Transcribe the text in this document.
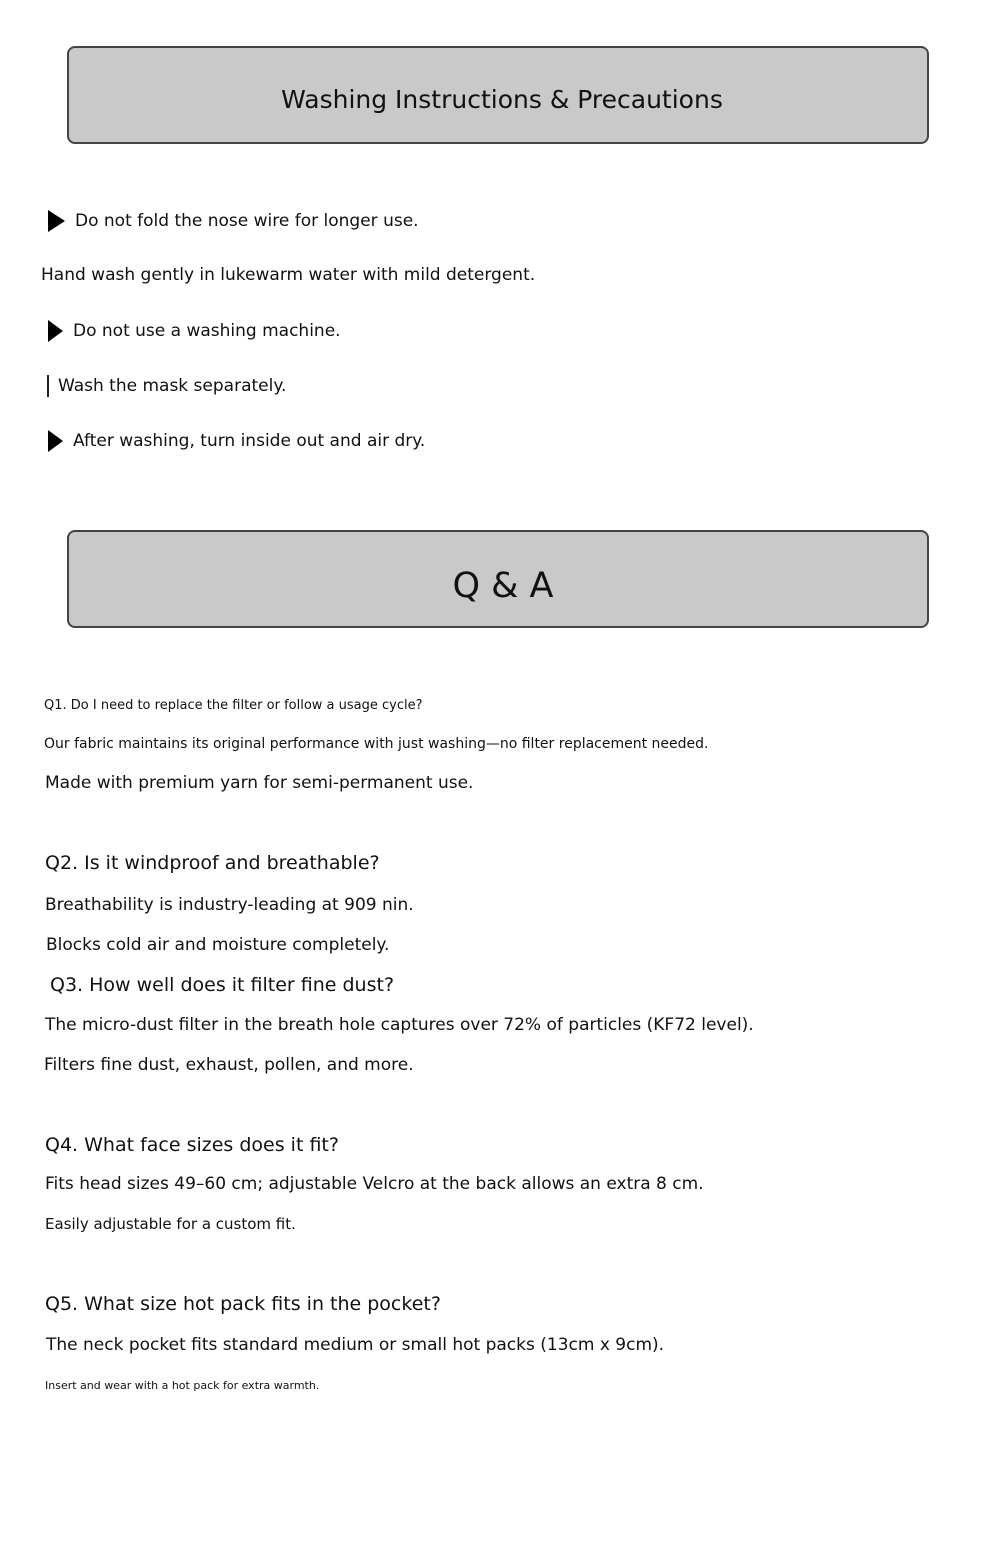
Washing Instructions & Precautions
Do not fold the nose wire for longer use.
Hand wash gently in lukewarm water with mild detergent.
Do not use a washing machine.
Wash the mask separately.
After washing, turn inside out and air dry.
Q & A
Q1. Do I need to replace the filter or follow a usage cycle?
Our fabric maintains its original performance with just washing—no filter replacement needed.
Made with premium yarn for semi-permanent use.
Q2. Is it windproof and breathable?
Breathability is industry-leading at 909 nin.
Blocks cold air and moisture completely.
Q3. How well does it filter fine dust?
The micro-dust filter in the breath hole captures over 72% of particles (KF72 level).
Filters fine dust, exhaust, pollen, and more.
Q4. What face sizes does it fit?
Fits head sizes 49–60 cm; adjustable Velcro at the back allows an extra 8 cm.
Easily adjustable for a custom fit.
Q5. What size hot pack fits in the pocket?
The neck pocket fits standard medium or small hot packs (13cm x 9cm).
Insert and wear with a hot pack for extra warmth.
